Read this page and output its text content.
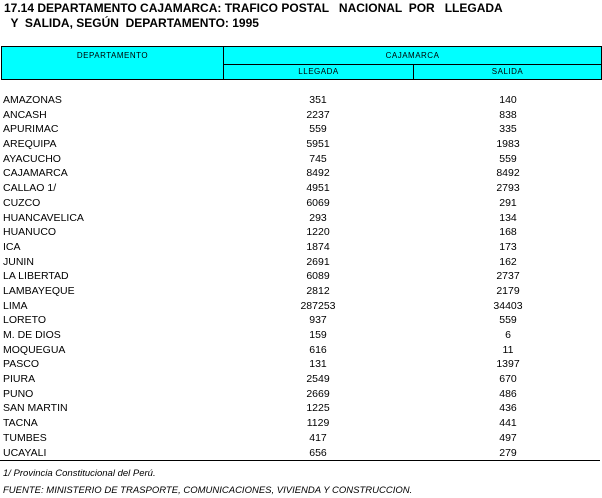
17.14 DEPARTAMENTO CAJAMARCA: TRAFICO POSTAL   NACIONAL  POR   LLEGADA
Y  SALIDA, SEGÚN  DEPARTAMENTO: 1995
DEPARTAMENTO	CAJAMARCA
LLEGADA	SALIDA
AMAZONAS	351	140
ANCASH	2237	838
APURIMAC	559	335
AREQUIPA	5951	1983
AYACUCHO	745	559
CAJAMARCA	8492	8492
CALLAO 1/	4951	2793
CUZCO	6069	291
HUANCAVELICA	293	134
HUANUCO	1220	168
ICA	1874	173
JUNIN	2691	162
LA LIBERTAD	6089	2737
LAMBAYEQUE	2812	2179
LIMA	287253	34403
LORETO	937	559
M. DE DIOS	159	6
MOQUEGUA	616	11
PASCO	131	1397
PIURA	2549	670
PUNO	2669	486
SAN MARTIN	1225	436
TACNA	1129	441
TUMBES	417	497
UCAYALI	656	279
1/ Provincia Constitucional del Perú.
FUENTE: MINISTERIO DE TRASPORTE, COMUNICACIONES, VIVIENDA Y CONSTRUCCION.
